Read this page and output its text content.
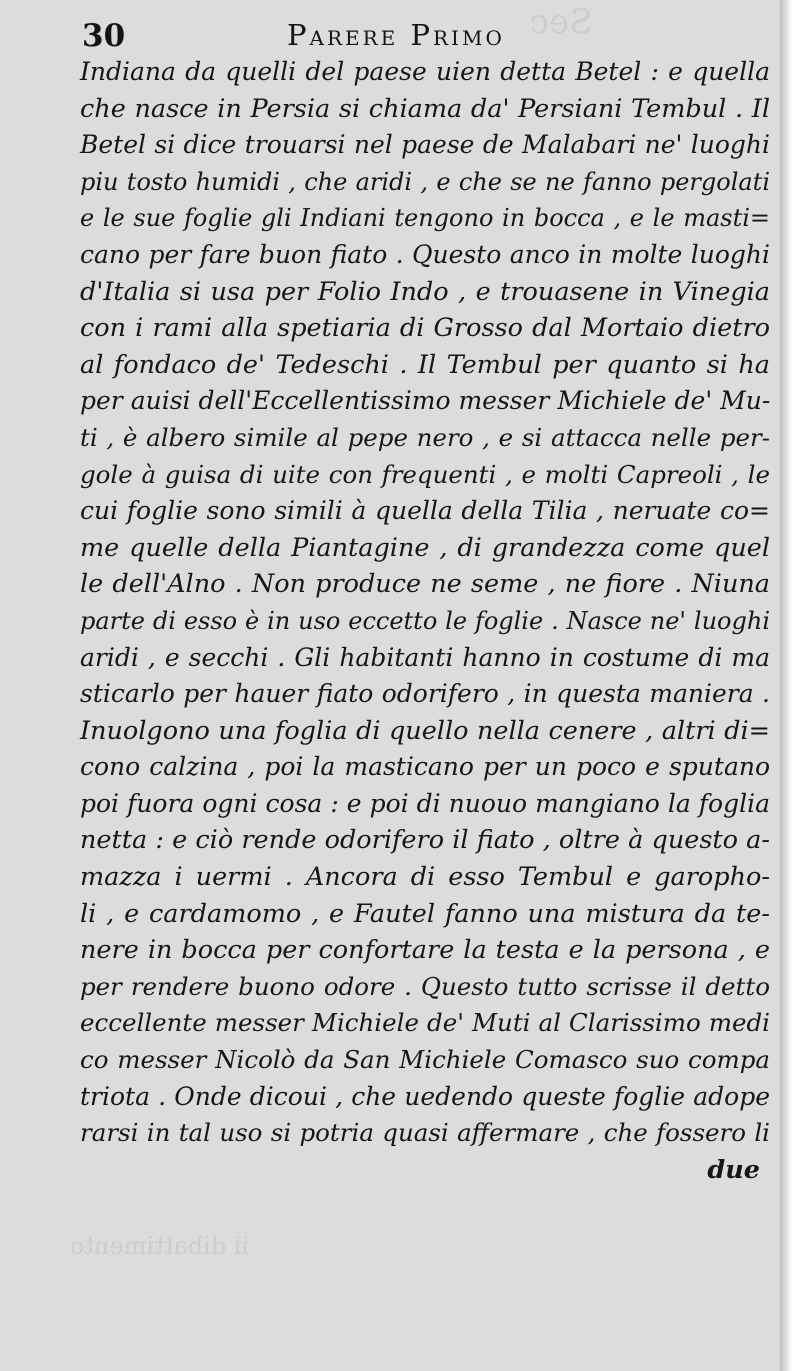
Sec
ii dibattimento
30	Parere Primo
Indiana da quelli del paese uien detta Betel : e quella
che nasce in Persia si chiama da' Persiani Tembul . Il
Betel si dice trouarsi nel paese de Malabari ne' luoghi
piu tosto humidi , che aridi , e che se ne fanno pergolati
e le sue foglie gli Indiani tengono in bocca , e le masti=
cano per fare buon fiato . Questo anco in molte luoghi
d'Italia si usa per Folio Indo , e trouasene in Vinegia
con i rami alla spetiaria di Grosso dal Mortaio dietro
al fondaco de' Tedeschi . Il Tembul per quanto si ha
per auisi dell'Eccellentissimo messer Michiele de' Mu-
ti , è albero simile al pepe nero , e si attacca nelle per-
gole à guisa di uite con frequenti , e molti Capreoli , le
cui foglie sono simili à quella della Tilia , neruate co=
me quelle della Piantagine , di grandezza come quel
le dell'Alno . Non produce ne seme , ne fiore . Niuna
parte di esso è in uso eccetto le foglie . Nasce ne' luoghi
aridi , e secchi . Gli habitanti hanno in costume di ma
sticarlo per hauer fiato odorifero , in questa maniera .
Inuolgono una foglia di quello nella cenere , altri di=
cono calzina , poi la masticano per un poco e sputano
poi fuora ogni cosa : e poi di nuouo mangiano la foglia
netta : e ciò rende odorifero il fiato , oltre à questo a-
mazza i uermi . Ancora di esso Tembul e garopho-
li , e cardamomo , e Fautel fanno una mistura da te-
nere in bocca per confortare la testa e la persona , e
per rendere buono odore . Questo tutto scrisse il detto
eccellente messer Michiele de' Muti al Clarissimo medi
co messer Nicolò da San Michiele Comasco suo compa
triota . Onde dicoui , che uedendo queste foglie adope
rarsi in tal uso si potria quasi affermare , che fossero li
due
